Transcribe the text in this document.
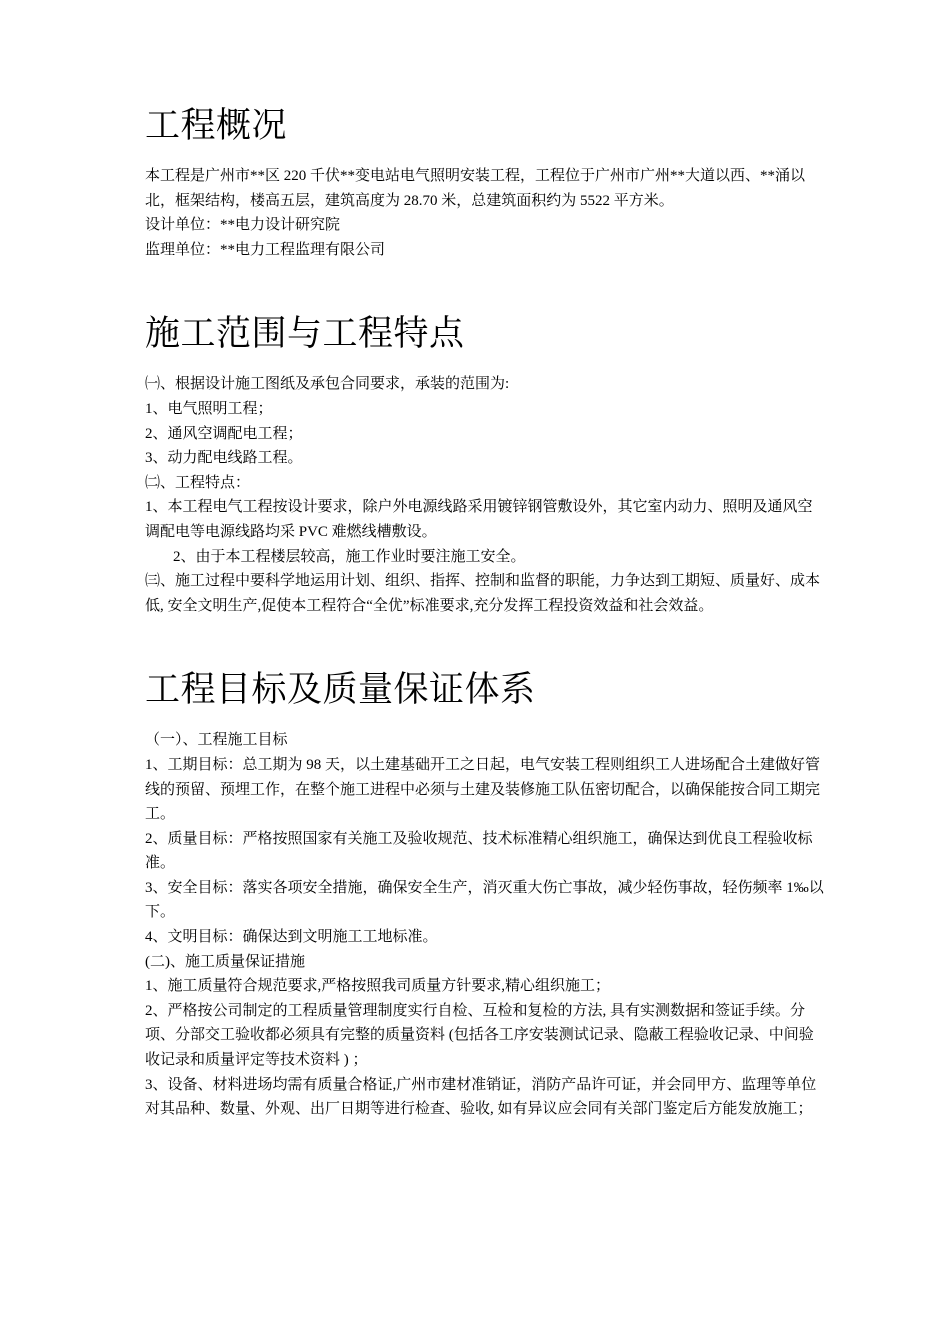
工程概况

本工程是广州市**区 220 千伏**变电站电气照明安装工程，工程位于广州市广州**大道以西、**涌以北，框架结构，楼高五层，建筑高度为 28.70 米，总建筑面积约为 5522 平方米。

设计单位：**电力设计研究院

监理单位：**电力工程监理有限公司

施工范围与工程特点

㈠、根据设计施工图纸及承包合同要求，承装的范围为:

1、电气照明工程；

2、通风空调配电工程；

3、动力配电线路工程。

㈡、工程特点：

1、本工程电气工程按设计要求，除户外电源线路采用镀锌钢管敷设外，其它室内动力、照明及通风空调配电等电源线路均采 PVC 难燃线槽敷设。

2、由于本工程楼层较高，施工作业时要注施工安全。

㈢、施工过程中要科学地运用计划、组织、指挥、控制和监督的职能，力争达到工期短、质量好、成本低, 安全文明生产,促使本工程符合“全优”标准要求,充分发挥工程投资效益和社会效益。

工程目标及质量保证体系

（一）、工程施工目标

1、工期目标：总工期为 98 天，以土建基础开工之日起，电气安装工程则组织工人进场配合土建做好管线的预留、预埋工作，在整个施工进程中必须与土建及装修施工队伍密切配合，以确保能按合同工期完工。

2、质量目标：严格按照国家有关施工及验收规范、技术标准精心组织施工，确保达到优良工程验收标准。

3、安全目标：落实各项安全措施，确保安全生产，消灭重大伤亡事故，减少轻伤事故，轻伤频率 1‰以下。

4、文明目标：确保达到文明施工工地标准。

(二)、施工质量保证措施

1、施工质量符合规范要求,严格按照我司质量方针要求,精心组织施工；

2、严格按公司制定的工程质量管理制度实行自检、互检和复检的方法, 具有实测数据和签证手续。分项、分部交工验收都必须具有完整的质量资料 (包括各工序安装测试记录、隐蔽工程验收记录、中间验收记录和质量评定等技术资料 ) ；

3、设备、材料进场均需有质量合格证,广州市建材准销证，消防产品许可证，并会同甲方、监理等单位对其品种、数量、外观、出厂日期等进行检查、验收, 如有异议应会同有关部门鉴定后方能发放施工；
